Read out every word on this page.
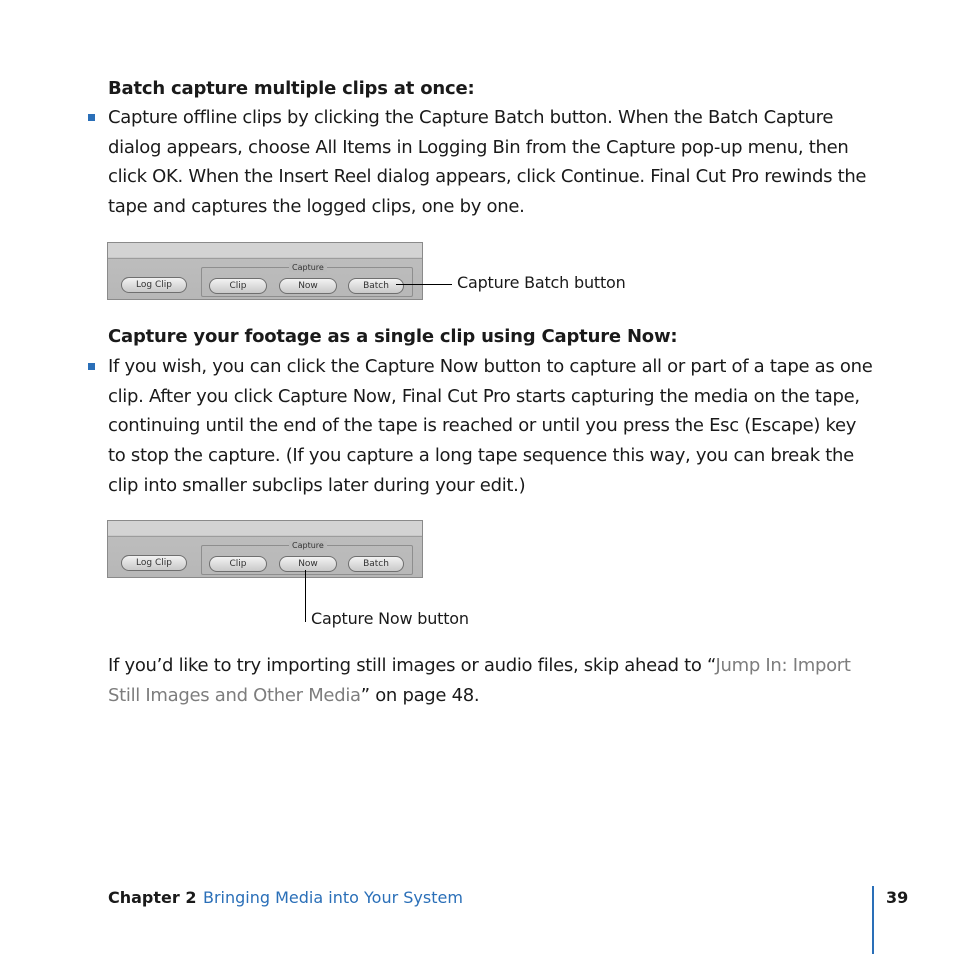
Batch capture multiple clips at once:
Capture offline clips by clicking the Capture Batch button. When the Batch Capture
dialog appears, choose All Items in Logging Bin from the Capture pop-up menu, then
click OK. When the Insert Reel dialog appears, click Continue. Final Cut Pro rewinds the
tape and captures the logged clips, one by one.
Log Clip
Capture
Clip	Now	Batch	Capture Batch button
Capture your footage as a single clip using Capture Now:
If you wish, you can click the Capture Now button to capture all or part of a tape as one
clip. After you click Capture Now, Final Cut Pro starts capturing the media on the tape,
continuing until the end of the tape is reached or until you press the Esc (Escape) key
to stop the capture. (If you capture a long tape sequence this way, you can break the
clip into smaller subclips later during your edit.)
Log Clip
Capture
Clip	Now	Batch
Capture Now button
If you’d like to try importing still images or audio files, skip ahead to “Jump In: Import
Still Images and Other Media” on page 48.
Chapter 2 Bringing Media into Your System	39
